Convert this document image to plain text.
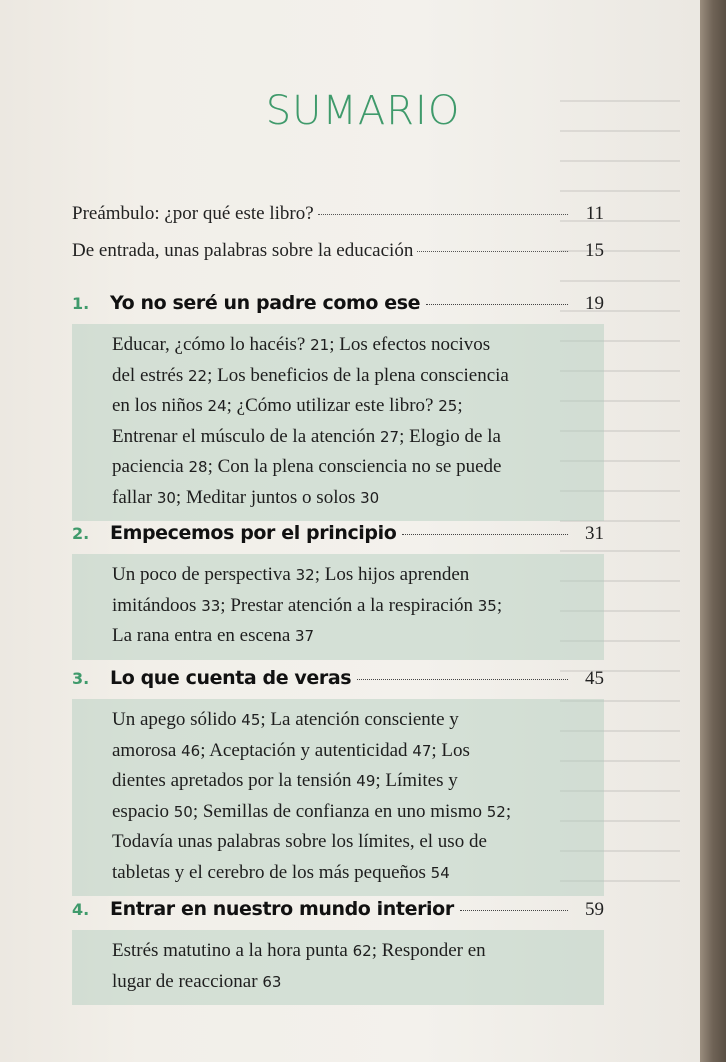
SUMARIO
Preámbulo: ¿por qué este libro?	11
De entrada, unas palabras sobre la educación	15
1.	Yo no seré un padre como ese	19
Educar, ¿cómo lo hacéis? 21; Los efectos nocivos
del estrés 22; Los beneficios de la plena consciencia
en los niños 24; ¿Cómo utilizar este libro? 25;
Entrenar el músculo de la atención 27; Elogio de la
paciencia 28; Con la plena consciencia no se puede
fallar 30; Meditar juntos o solos 30
2.	Empecemos por el principio	31
Un poco de perspectiva 32; Los hijos aprenden
imitándoos 33; Prestar atención a la respiración 35;
La rana entra en escena 37
3.	Lo que cuenta de veras	45
Un apego sólido 45; La atención consciente y
amorosa 46; Aceptación y autenticidad 47; Los
dientes apretados por la tensión 49; Límites y
espacio 50; Semillas de confianza en uno mismo 52;
Todavía unas palabras sobre los límites, el uso de
tabletas y el cerebro de los más pequeños 54
4.	Entrar en nuestro mundo interior	59
Estrés matutino a la hora punta 62; Responder en
lugar de reaccionar 63
